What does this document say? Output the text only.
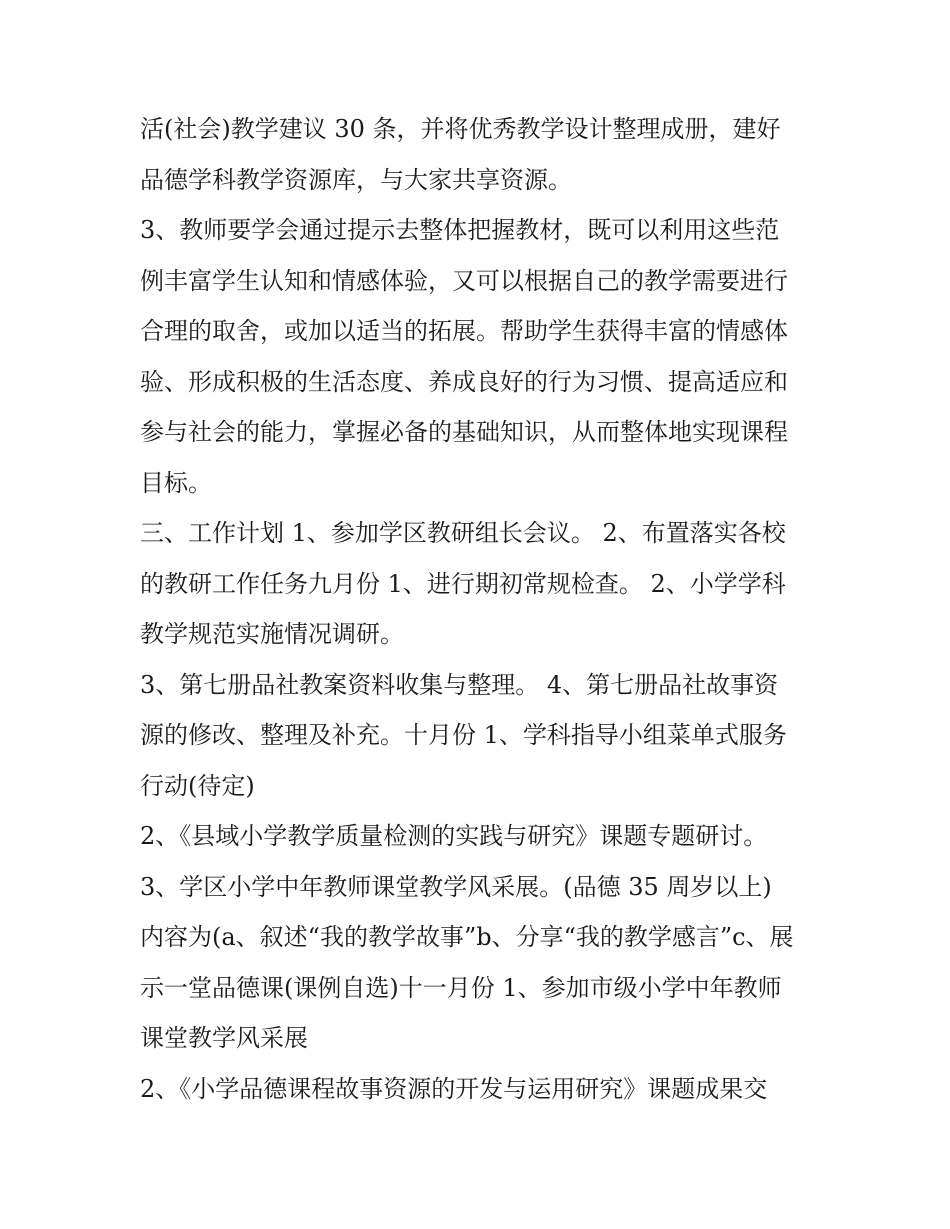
活(社会)教学建议 30 条，并将优秀教学设计整理成册，建好
品德学科教学资源库，与大家共享资源。
3、教师要学会通过提示去整体把握教材，既可以利用这些范
例丰富学生认知和情感体验，又可以根据自己的教学需要进行
合理的取舍，或加以适当的拓展。帮助学生获得丰富的情感体
验、形成积极的生活态度、养成良好的行为习惯、提高适应和
参与社会的能力，掌握必备的基础知识，从而整体地实现课程
目标。
三、工作计划 1、参加学区教研组长会议。 2、布置落实各校
的教研工作任务九月份 1、进行期初常规检查。 2、小学学科
教学规范实施情况调研。
3、第七册品社教案资料收集与整理。 4、第七册品社故事资
源的修改、整理及补充。十月份 1、学科指导小组菜单式服务
行动(待定)
2、《县域小学教学质量检测的实践与研究》课题专题研讨。
3、学区小学中年教师课堂教学风采展。(品德 35 周岁以上)
内容为(a、叙述“我的教学故事”b、分享“我的教学感言”c、展
示一堂品德课(课例自选)十一月份 1、参加市级小学中年教师
课堂教学风采展
2、《小学品德课程故事资源的开发与运用研究》课题成果交
